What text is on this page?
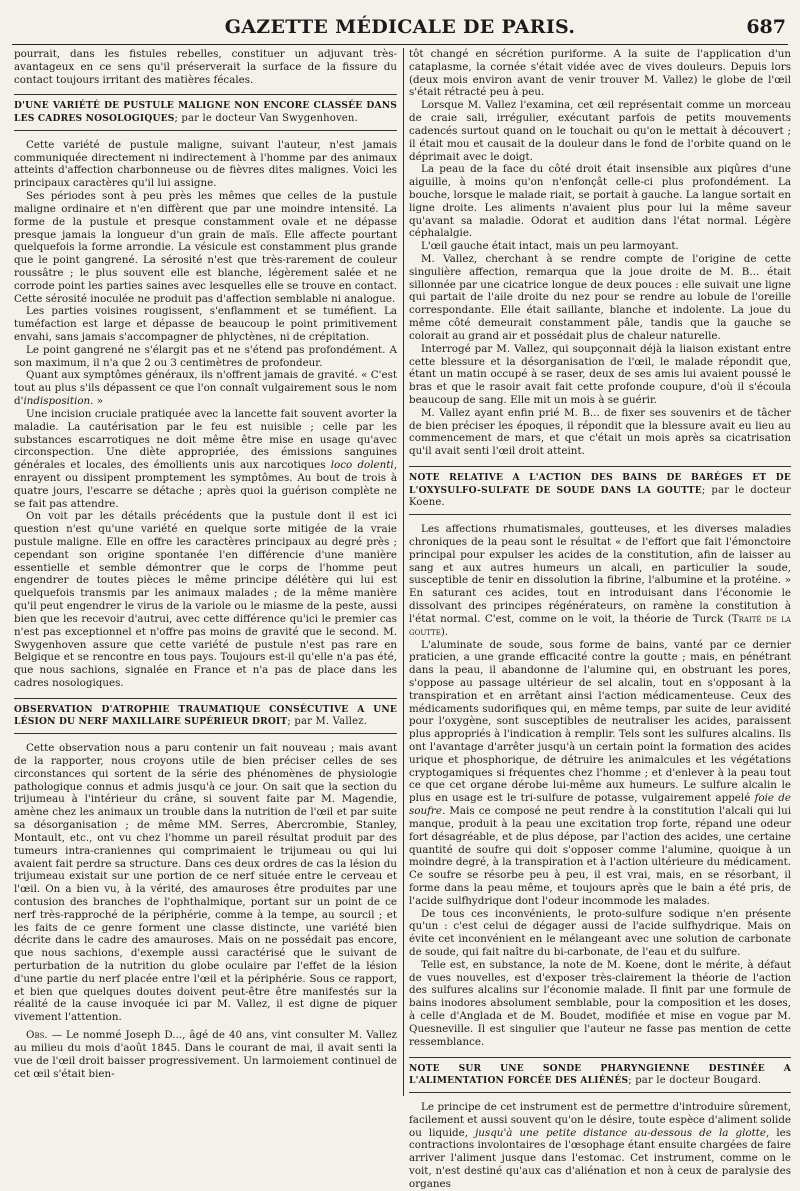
GAZETTE MÉDICALE DE PARIS.	687

pourrait, dans les fistules rebelles, constituer un adjuvant très-avantageux en ce sens qu'il préserverait la surface de la fissure du contact toujours irritant des matières fécales.

D'UNE VARIÉTÉ DE PUSTULE MALIGNE NON ENCORE CLASSÉE DANS LES CADRES NOSOLOGIQUES; par le docteur Van Swygenhoven.

Cette variété de pustule maligne, suivant l'auteur, n'est jamais communiquée directement ni indirectement à l'homme par des animaux atteints d'affection charbonneuse ou de fièvres dites malignes. Voici les principaux caractères qu'il lui assigne.

Ses périodes sont à peu près les mêmes que celles de la pustule maligne ordinaire et n'en diffèrent que par une moindre intensité. La forme de la pustule et presque constamment ovale et ne dépasse presque jamais la longueur d'un grain de maïs. Elle affecte pourtant quelquefois la forme arrondie. La vésicule est constamment plus grande que le point gangrené. La sérosité n'est que très-rarement de couleur roussâtre ; le plus souvent elle est blanche, légèrement salée et ne corrode point les parties saines avec lesquelles elle se trouve en contact. Cette sérosité inoculée ne produit pas d'affection semblable ni analogue.

Les parties voisines rougissent, s'enflamment et se tuméfient. La tuméfaction est large et dépasse de beaucoup le point primitivement envahi, sans jamais s'accompagner de phlyctènes, ni de crépitation.

Le point gangrené ne s'élargit pas et ne s'étend pas profondément. A son maximum, il n'a que 2 ou 3 centimètres de profondeur.

Quant aux symptômes généraux, ils n'offrent jamais de gravité. « C'est tout au plus s'ils dépassent ce que l'on connaît vulgairement sous le nom d'indisposition. »

Une incision cruciale pratiquée avec la lancette fait souvent avorter la maladie. La cautérisation par le feu est nuisible ; celle par les substances escarrotiques ne doit même être mise en usage qu'avec circonspection. Une diète appropriée, des émissions sanguines générales et locales, des émollients unis aux narcotiques loco dolenti, enrayent ou dissipent promptement les symptômes. Au bout de trois à quatre jours, l'escarre se détache ; après quoi la guérison complète ne se fait pas attendre.

On voit par les détails précédents que la pustule dont il est ici question n'est qu'une variété en quelque sorte mitigée de la vraie pustule maligne. Elle en offre les caractères principaux au degré près ; cependant son origine spontanée l'en différencie d'une manière essentielle et semble démontrer que le corps de l'homme peut engendrer de toutes pièces le même principe délétère qui lui est quelquefois transmis par les animaux malades ; de la même manière qu'il peut engendrer le virus de la variole ou le miasme de la peste, aussi bien que les recevoir d'autrui, avec cette différence qu'ici le premier cas n'est pas exceptionnel et n'offre pas moins de gravité que le second. M. Swygenhoven assure que cette variété de pustule n'est pas rare en Belgique et se rencontre en tous pays. Toujours est-il qu'elle n'a pas été, que nous sachions, signalée en France et n'a pas de place dans les cadres nosologiques.

OBSERVATION D'ATROPHIE TRAUMATIQUE CONSÉCUTIVE A UNE LÉSION DU NERF MAXILLAIRE SUPÉRIEUR DROIT; par M. Vallez.

Cette observation nous a paru contenir un fait nouveau ; mais avant de la rapporter, nous croyons utile de bien préciser celles de ses circonstances qui sortent de la série des phénomènes de physiologie pathologique connus et admis jusqu'à ce jour. On sait que la section du trijumeau à l'intérieur du crâne, si souvent faite par M. Magendie, amène chez les animaux un trouble dans la nutrition de l'œil et par suite sa désorganisation ; de même MM. Serres, Abercrombie, Stanley, Montault, etc., ont vu chez l'homme un pareil résultat produit par des tumeurs intra-craniennes qui comprimaient le trijumeau ou qui lui avaient fait perdre sa structure. Dans ces deux ordres de cas la lésion du trijumeau existait sur une portion de ce nerf située entre le cerveau et l'œil. On a bien vu, à la vérité, des amauroses être produites par une contusion des branches de l'ophthalmique, portant sur un point de ce nerf très-rapproché de la périphérie, comme à la tempe, au sourcil ; et les faits de ce genre forment une classe distincte, une variété bien décrite dans le cadre des amauroses. Mais on ne possédait pas encore, que nous sachions, d'exemple aussi caractérisé que le suivant de perturbation de la nutrition du globe oculaire par l'effet de la lésion d'une partie du nerf placée entre l'œil et la périphérie. Sous ce rapport, et bien que quelques doutes doivent peut-être être manifestés sur la réalité de la cause invoquée ici par M. Vallez, il est digne de piquer vivement l'attention.

Obs. — Le nommé Joseph D..., âgé de 40 ans, vint consulter M. Vallez au milieu du mois d'août 1845. Dans le courant de mai, il avait senti la vue de l'œil droit baisser progressivement. Un larmoiement continuel de cet œil s'était bien-

tôt changé en sécrétion puriforme. A la suite de l'application d'un cataplasme, la cornée s'était vidée avec de vives douleurs. Depuis lors (deux mois environ avant de venir trouver M. Vallez) le globe de l'œil s'était rétracté peu à peu.

Lorsque M. Vallez l'examina, cet œil représentait comme un morceau de craie sali, irrégulier, exécutant parfois de petits mouvements cadencés surtout quand on le touchait ou qu'on le mettait à découvert ; il était mou et causait de la douleur dans le fond de l'orbite quand on le déprimait avec le doigt.

La peau de la face du côté droit était insensible aux piqûres d'une aiguille, à moins qu'on n'enfonçât celle-ci plus profondément. La bouche, lorsque le malade riait, se portait à gauche. La langue sortait en ligne droite. Les aliments n'avaient plus pour lui la même saveur qu'avant sa maladie. Odorat et audition dans l'état normal. Légère céphalalgie.

L'œil gauche était intact, mais un peu larmoyant.

M. Vallez, cherchant à se rendre compte de l'origine de cette singulière affection, remarqua que la joue droite de M. B... était sillonnée par une cicatrice longue de deux pouces : elle suivait une ligne qui partait de l'aile droite du nez pour se rendre au lobule de l'oreille correspondante. Elle était saillante, blanche et indolente. La joue du même côté demeurait constamment pâle, tandis que la gauche se colorait au grand air et possédait plus de chaleur naturelle.

Interrogé par M. Vallez, qui soupçonnait déjà la liaison existant entre cette blessure et la désorganisation de l'œil, le malade répondit que, étant un matin occupé à se raser, deux de ses amis lui avaient poussé le bras et que le rasoir avait fait cette profonde coupure, d'où il s'écoula beaucoup de sang. Elle mit un mois à se guérir.

M. Vallez ayant enfin prié M. B... de fixer ses souvenirs et de tâcher de bien préciser les époques, il répondit que la blessure avait eu lieu au commencement de mars, et que c'était un mois après sa cicatrisation qu'il avait senti l'œil droit atteint.

NOTE RELATIVE A L'ACTION DES BAINS DE BARÉGES ET DE L'OXYSULFO-SULFATE DE SOUDE DANS LA GOUTTE; par le docteur Koene.

Les affections rhumatismales, goutteuses, et les diverses maladies chroniques de la peau sont le résultat « de l'effort que fait l'émonctoire principal pour expulser les acides de la constitution, afin de laisser au sang et aux autres humeurs un alcali, en particulier la soude, susceptible de tenir en dissolution la fibrine, l'albumine et la protéine. » En saturant ces acides, tout en introduisant dans l'économie le dissolvant des principes régénérateurs, on ramène la constitution à l'état normal. C'est, comme on le voit, la théorie de Turck (Traité de la goutte).

L'aluminate de soude, sous forme de bains, vanté par ce dernier praticien, a une grande efficacité contre la goutte ; mais, en pénétrant dans la peau, il abandonne de l'alumine qui, en obstruant les pores, s'oppose au passage ultérieur de sel alcalin, tout en s'opposant à la transpiration et en arrêtant ainsi l'action médicamenteuse. Ceux des médicaments sudorifiques qui, en même temps, par suite de leur avidité pour l'oxygène, sont susceptibles de neutraliser les acides, paraissent plus appropriés à l'indication à remplir. Tels sont les sulfures alcalins. Ils ont l'avantage d'arrêter jusqu'à un certain point la formation des acides urique et phosphorique, de détruire les animalcules et les végétations cryptogamiques si fréquentes chez l'homme ; et d'enlever à la peau tout ce que cet organe dérobe lui-même aux humeurs. Le sulfure alcalin le plus en usage est le tri-sulfure de potasse, vulgairement appelé foie de soufre. Mais ce composé ne peut rendre à la constitution l'alcali qui lui manque, produit à la peau une excitation trop forte, répand une odeur fort désagréable, et de plus dépose, par l'action des acides, une certaine quantité de soufre qui doit s'opposer comme l'alumine, quoique à un moindre degré, à la transpiration et à l'action ultérieure du médicament. Ce soufre se résorbe peu à peu, il est vrai, mais, en se résorbant, il forme dans la peau même, et toujours après que le bain a été pris, de l'acide sulfhydrique dont l'odeur incommode les malades.

De tous ces inconvénients, le proto-sulfure sodique n'en présente qu'un : c'est celui de dégager aussi de l'acide sulfhydrique. Mais on évite cet inconvénient en le mélangeant avec une solution de carbonate de soude, qui fait naître du bi-carbonate, de l'eau et du sulfure.

Telle est, en substance, la note de M. Koene, dont le mérite, à défaut de vues nouvelles, est d'exposer très-clairement la théorie de l'action des sulfures alcalins sur l'économie malade. Il finit par une formule de bains inodores absolument semblable, pour la composition et les doses, à celle d'Anglada et de M. Boudet, modifiée et mise en vogue par M. Quesneville. Il est singulier que l'auteur ne fasse pas mention de cette ressemblance.

NOTE SUR UNE SONDE PHARYNGIENNE DESTINÉE A L'ALIMENTATION FORCÉE DES ALIÉNÉS; par le docteur Bougard.

Le principe de cet instrument est de permettre d'introduire sûrement, facilement et aussi souvent qu'on le désire, toute espèce d'aliment solide ou liquide, jusqu'à une petite distance au-dessous de la glotte, les contractions involontaires de l'œsophage étant ensuite chargées de faire arriver l'aliment jusque dans l'estomac. Cet instrument, comme on le voit, n'est destiné qu'aux cas d'aliénation et non à ceux de paralysie des organes
